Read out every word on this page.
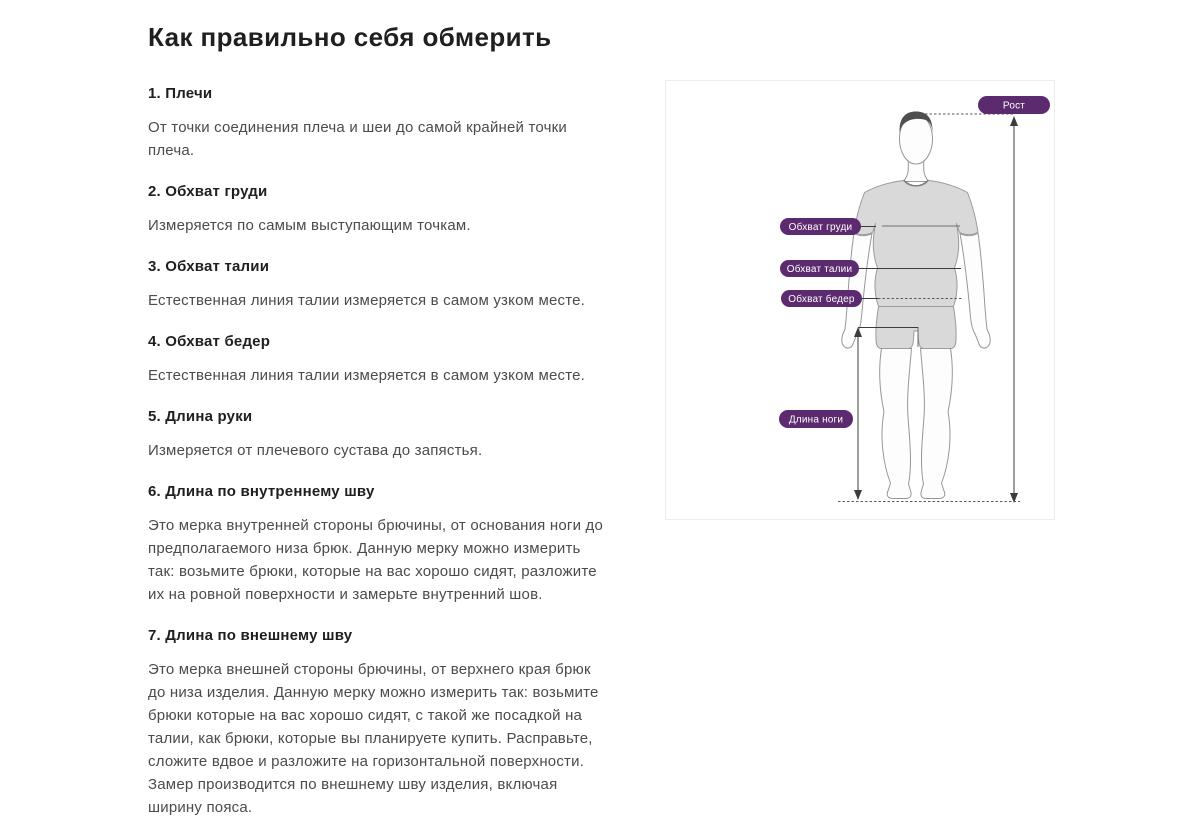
Как правильно себя обмерить
1. Плечи

От точки соединения плеча и шеи до самой крайней точки плеча.

2. Обхват груди

Измеряется по самым выступающим точкам.

3. Обхват талии

Естественная линия талии измеряется в самом узком месте.

4. Обхват бедер

Естественная линия талии измеряется в самом узком месте.

5. Длина руки

Измеряется от плечевого сустава до запястья.

6. Длина по внутреннему шву

Это мерка внутренней стороны брючины, от основания ноги до предполагаемого низа брюк. Данную мерку можно измерить так: возьмите брюки, которые на вас хорошо сидят, разложите их на ровной поверхности и замерьте внутренний шов.

7. Длина по внешнему шву

Это мерка внешней стороны брючины, от верхнего края брюк до низа изделия. Данную мерку можно измерить так: возьмите брюки которые на вас хорошо сидят, с такой же посадкой на талии, как брюки, которые вы планируете купить. Расправьте, сложите вдвое и разложите на горизонтальной поверхности. Замер производится по внешнему шву изделия, включая ширину пояса.

Рост
Обхват груди
Обхват талии
Обхват бедер
Длина ноги
